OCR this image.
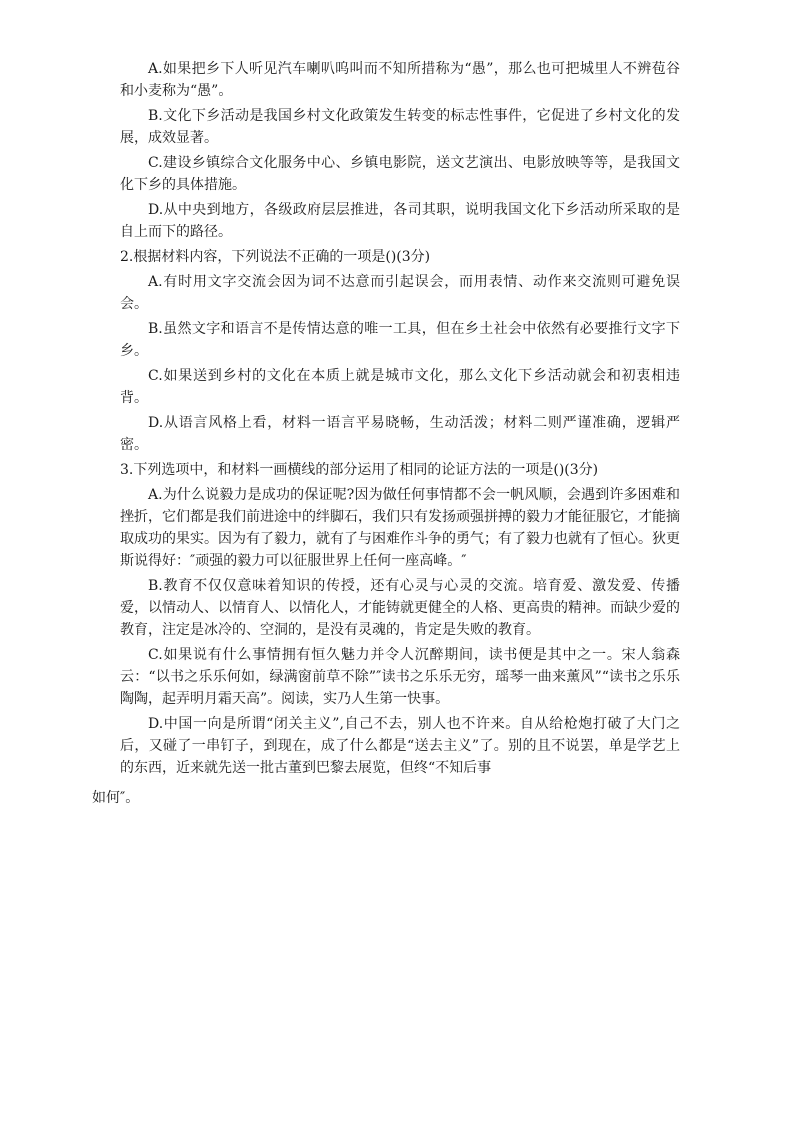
A.如果把乡下人听见汽车喇叭呜叫而不知所措称为“愚”，那么也可把城里人不辨苞谷和小麦称为“愚”。

B.文化下乡活动是我国乡村文化政策发生转变的标志性事件，它促进了乡村文化的发展，成效显著。

C.建设乡镇综合文化服务中心、乡镇电影院，送文艺演出、电影放映等等，是我国文化下乡的具体措施。

D.从中央到地方，各级政府层层推进，各司其职，说明我国文化下乡活动所采取的是自上而下的路径。

2.根据材料内容，下列说法不正确的一项是()(3分)

A.有时用文字交流会因为词不达意而引起误会，而用表情、动作来交流则可避免误会。

B.虽然文字和语言不是传情达意的唯一工具，但在乡土社会中依然有必要推行文字下乡。

C.如果送到乡村的文化在本质上就是城市文化，那么文化下乡活动就会和初衷相违背。

D.从语言风格上看，材料一语言平易晓畅，生动活泼；材料二则严谨准确，逻辑严密。

3.下列选项中，和材料一画横线的部分运用了相同的论证方法的一项是()(3分)

A.为什么说毅力是成功的保证呢?因为做任何事情都不会一帆风顺，会遇到许多困难和挫折，它们都是我们前进途中的绊脚石，我们只有发扬顽强拼搏的毅力才能征服它，才能摘取成功的果实。因为有了毅力，就有了与困难作斗争的勇气；有了毅力也就有了恒心。狄更斯说得好：″顽强的毅力可以征服世界上任何一座高峰。″

B.教育不仅仅意味着知识的传授，还有心灵与心灵的交流。培育爱、激发爱、传播爱，以情动人、以情育人、以情化人，才能铸就更健全的人格、更高贵的精神。而缺少爱的教育，注定是冰冷的、空洞的，是没有灵魂的，肯定是失败的教育。

C.如果说有什么事情拥有恒久魅力并令人沉醉期间，读书便是其中之一。宋人翁森云：“以书之乐乐何如，绿满窗前草不除”″读书之乐乐无穷，瑶琴一曲来薰风”“读书之乐乐陶陶，起弄明月霜天高”。阅读，实乃人生第一快事。

D.中国一向是所谓“闭关主义”,自己不去，别人也不许来。自从给枪炮打破了大门之后，又碰了一串钉子，到现在，成了什么都是“送去主义”了。别的且不说罢，单是学艺上的东西，近来就先送一批古董到巴黎去展览，但终“不知后事
如何″。
